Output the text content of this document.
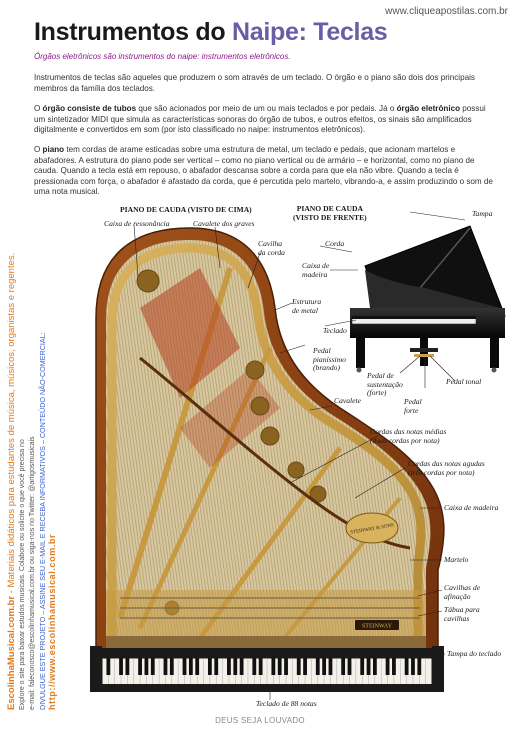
www.cliqueapostilas.com.br
Instrumentos do Naipe: Teclas
Órgãos eletrônicos são instrumentos do naipe: instrumentos eletrônicos.

Instrumentos de teclas são aqueles que produzem o som através de um teclado. O órgão e o piano são dois dos principais membros da família dos teclados.

O órgão consiste de tubos que são acionados por meio de um ou mais teclados e por pedais. Já o órgão eletrônico possui um sintetizador MIDI que simula as características sonoras do órgão de tubos, e outros efeitos, os sinais são amplificados digitalmente e convertidos em som (por isto classificado no naipe: instrumentos eletrônicos).

O piano tem cordas de arame esticadas sobre uma estrutura de metal, um teclado e pedais, que acionam martelos e abafadores. A estrutura do piano pode ser vertical – como no piano vertical ou de armário – e horizontal, como no piano de cauda. Quando a tecla está em repouso, o abafador descansa sobre a corda para que ela não vibre. Quando a tecla é pressionada com força, o abafador é afastado da corda, que é percutida pelo martelo, vibrando-a, e assim produzindo o som de uma nota musical.

EscolinhaMusical.com.br - Materiais didáticos para estudantes de música, músicos, organistas e regentes. Explore o site para baixar estudos musicais. Colabore ou solicite o que você precisa no e-mail: faleconosco@escolinhamusical.com.br ou siga-nos no Twitter: @artigosmusicais DIVULGUE ESTE PROJETO – ASSINE SEU E-MAIL E RECEBA INFORMATIVOS – CONTEÚDO NÃO-COMERCIAL: http://www.escolinhamusical.com.br
STEINWAY & SONS
STEINWAY
PIANO DE CAUDA (VISTO DE CIMA)	PIANO DE CAUDA
(VISTO DE FRENTE)
Caixa de ressonância	Cavalete dos graves
Cavilha
da corda
Corda
Caixa de
madeira
Tampa
Estrutura
de metal
Teclado
Pedal
pianíssimo
(brando)
Pedal de
sustentação
(forte)
Pedal tonal
Pedal
forte
Cavalete
Cordas das notas médias
(duas cordas por nota)
Cordas das notas agudas
(três cordas por nota)
Caixa de madeira
Martelo
Cavilhas de
afinação
Tábua para
cavilhas
Tampa do teclado
Teclado de 88 notas
DEUS SEJA LOUVADO
